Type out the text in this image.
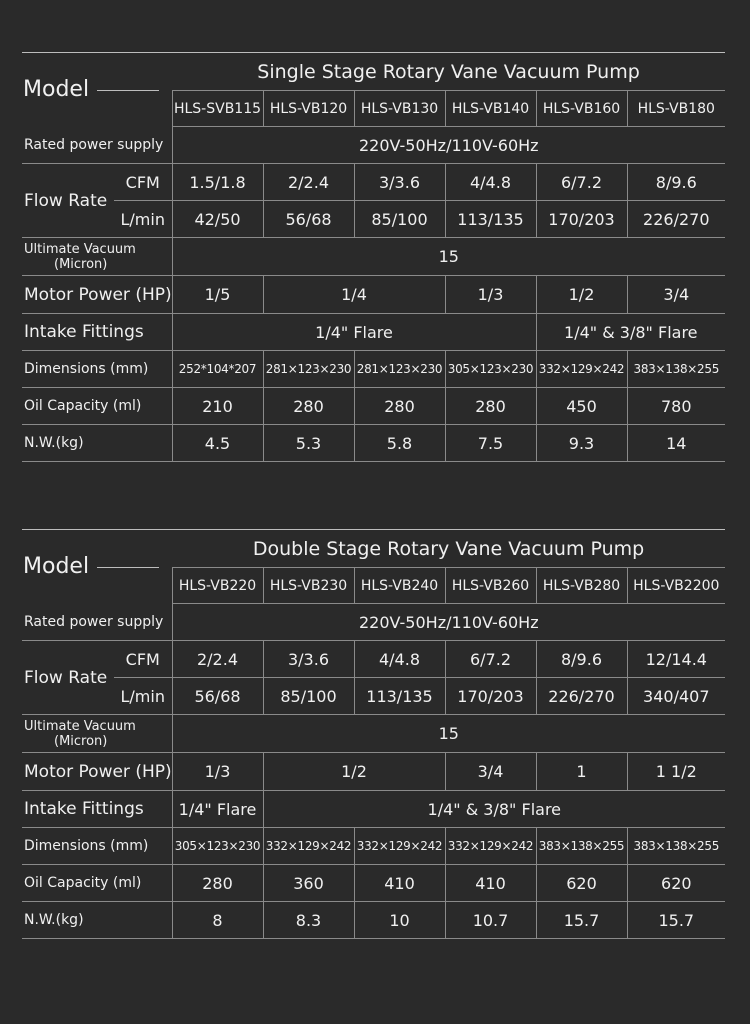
Model		Single Stage Rotary Vane Vacuum Pump					
		HLS-SVB115	HLS-VB120	HLS-VB130	HLS-VB140	HLS-VB160	HLS-VB180
Rated power supply		220V-50Hz/110V-60Hz					
Flow Rate	CFM	1.5/1.8	2/2.4	3/3.6	4/4.8	6/7.2	8/9.6
	L/min	42/50	56/68	85/100	113/135	170/203	226/270
Ultimate Vacuum
(Micron)		15					
Motor Power (HP)		1/5	1/4		1/3	1/2	3/4
Intake Fittings		1/4" Flare				1/4" & 3/8" Flare	
Dimensions (mm)		252*104*207	281×123×230	281×123×230	305×123×230	332×129×242	383×138×255
Oil Capacity (ml)		210	280	280	280	450	780
N.W.(kg)		4.5	5.3	5.8	7.5	9.3	14
Model		Double Stage Rotary Vane Vacuum Pump					
		HLS-VB220	HLS-VB230	HLS-VB240	HLS-VB260	HLS-VB280	HLS-VB2200
Rated power supply		220V-50Hz/110V-60Hz					
Flow Rate	CFM	2/2.4	3/3.6	4/4.8	6/7.2	8/9.6	12/14.4
	L/min	56/68	85/100	113/135	170/203	226/270	340/407
Ultimate Vacuum
(Micron)		15					
Motor Power (HP)		1/3	1/2		3/4	1	1 1/2
Intake Fittings		1/4" Flare	1/4" & 3/8" Flare				
Dimensions (mm)		305×123×230	332×129×242	332×129×242	332×129×242	383×138×255	383×138×255
Oil Capacity (ml)		280	360	410	410	620	620
N.W.(kg)		8	8.3	10	10.7	15.7	15.7
